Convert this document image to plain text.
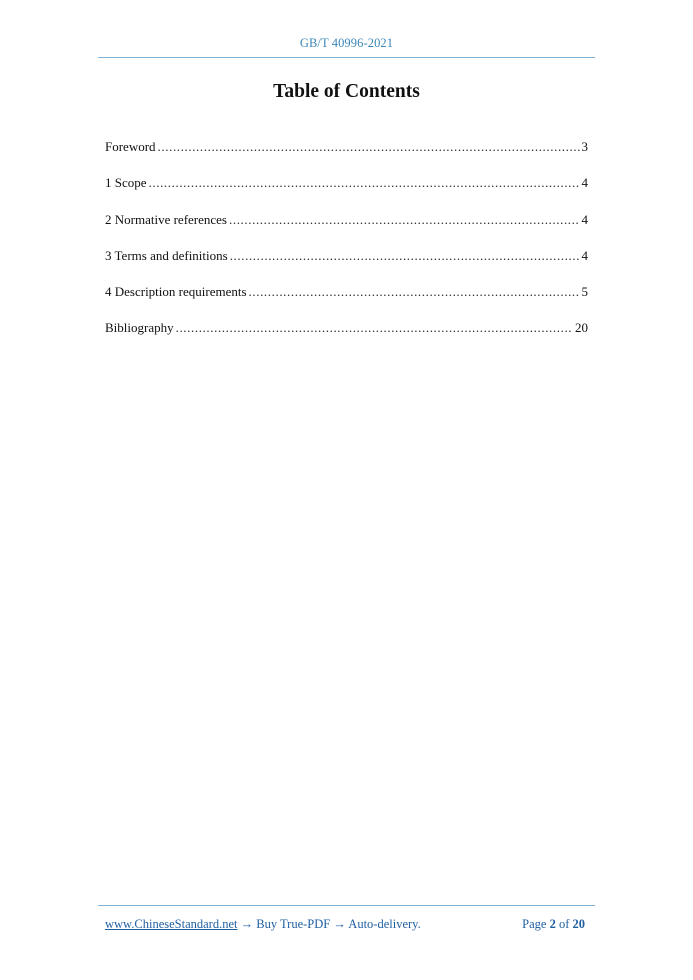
GB/T 40996-2021
Table of Contents
Foreword .....	3
1 Scope .....	4
2 Normative references .....	4
3 Terms and definitions .....	4
4 Description requirements .....	5
Bibliography .....	20
www.ChineseStandard.net → Buy True-PDF → Auto-delivery.	Page 2 of 20
